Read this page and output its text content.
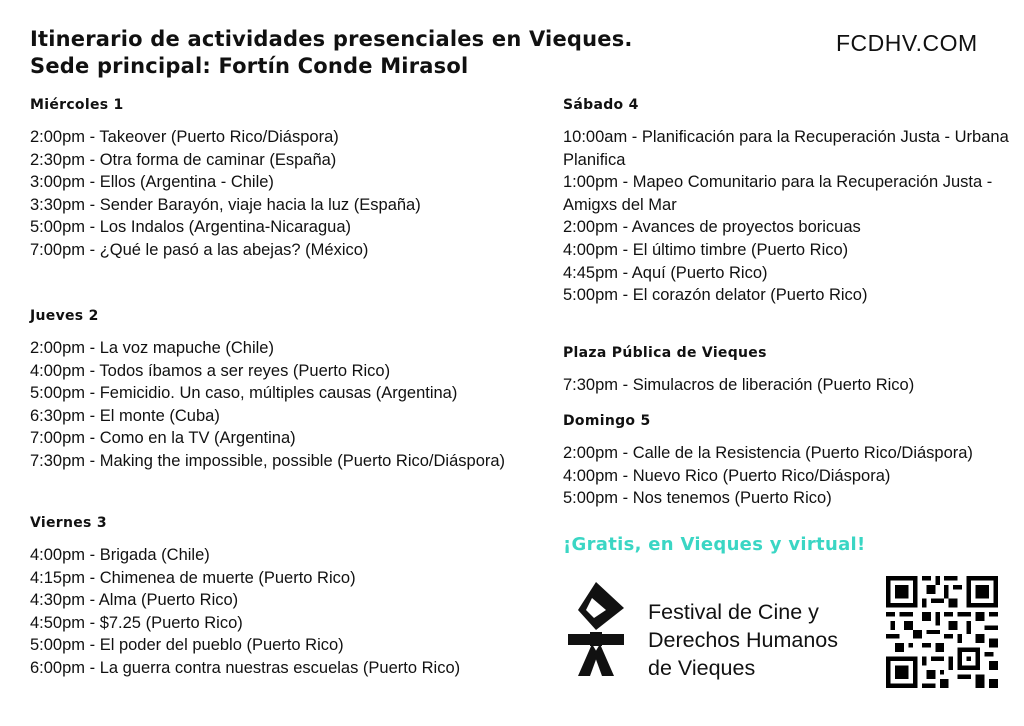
Itinerario de actividades presenciales en Vieques.
Sede principal: Fortín Conde Mirasol
FCDHV.COM
Miércoles 1
2:00pm - Takeover (Puerto Rico/Diáspora)
2:30pm - Otra forma de caminar (España)
3:00pm - Ellos (Argentina - Chile)
3:30pm - Sender Barayón, viaje hacia la luz (España)
5:00pm - Los Indalos (Argentina-Nicaragua)
7:00pm - ¿Qué le pasó a las abejas? (México)
Jueves 2
2:00pm - La voz mapuche (Chile)
4:00pm - Todos íbamos a ser reyes (Puerto Rico)
5:00pm - Femicidio. Un caso, múltiples causas (Argentina)
6:30pm - El monte (Cuba)
7:00pm - Como en la TV (Argentina)
7:30pm - Making the impossible, possible (Puerto Rico/Diáspora)
Viernes 3
4:00pm - Brigada (Chile)
4:15pm - Chimenea de muerte (Puerto Rico)
4:30pm - Alma (Puerto Rico)
4:50pm - $7.25 (Puerto Rico)
5:00pm - El poder del pueblo (Puerto Rico)
6:00pm - La guerra contra nuestras escuelas (Puerto Rico)
Sábado 4
10:00am - Planificación para la Recuperación Justa - Urbana Planifica
1:00pm - Mapeo Comunitario para la Recuperación Justa - Amigxs del Mar
2:00pm - Avances de proyectos boricuas
4:00pm - El último timbre (Puerto Rico)
4:45pm - Aquí (Puerto Rico)
5:00pm - El corazón delator (Puerto Rico)
Plaza Pública de Vieques
7:30pm - Simulacros de liberación (Puerto Rico)
Domingo 5
2:00pm - Calle de la Resistencia (Puerto Rico/Diáspora)
4:00pm - Nuevo Rico (Puerto Rico/Diáspora)
5:00pm - Nos tenemos (Puerto Rico)
¡Gratis, en Vieques y virtual!
Festival de Cine y
Derechos Humanos
de Vieques
